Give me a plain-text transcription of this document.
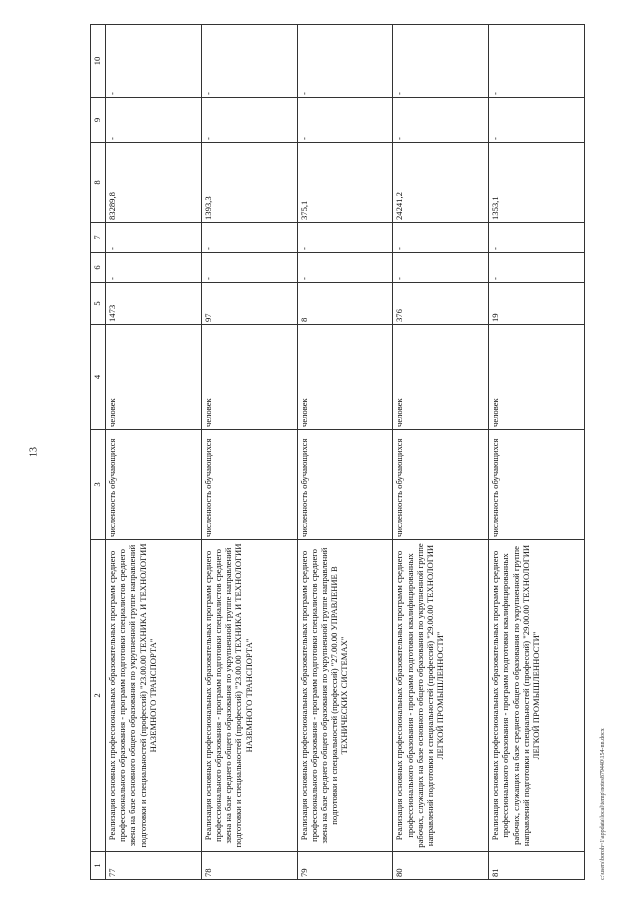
13
1	2	3	4	5	6	7	8	9	10
77	Реализация основных профессиональных образовательных программ среднего профессионального образования - программ подготовки специалистов среднего звена на базе основного общего образования по укрупненной группе направлений подготовки и специальностей (профессий) "23.00.00 ТЕХНИКА И ТЕХНОЛОГИИ НАЗЕМНОГО ТРАНСПОРТА"	численность обучающихся	человек	1473	-	-	83289,8	-	-
78	Реализация основных профессиональных образовательных программ среднего профессионального образования - программ подготовки специалистов среднего звена на базе среднего общего образования по укрупненной группе направлений подготовки и специальностей (профессий) "23.00.00 ТЕХНИКА И ТЕХНОЛОГИИ НАЗЕМНОГО ТРАНСПОРТА"	численность обучающихся	человек	97	-	-	1393,3	-	-
79	Реализация основных профессиональных образовательных программ среднего профессионального образования - программ подготовки специалистов среднего звена на базе среднего общего образования по укрупненной группе направлений подготовки и специальностей (профессий) "27.00.00 УПРАВЛЕНИЕ В ТЕХНИЧЕСКИХ СИСТЕМАХ"	численность обучающихся	человек	8	-	-	375,1	-	-
80	Реализация основных профессиональных образовательных программ среднего профессионального образования - программ подготовки квалифицированных рабочих, служащих на базе основного общего образования по укрупненной группе направлений подготовки и специальностей (профессий) "29.00.00 ТЕХНОЛОГИИ ЛЕГКОЙ ПРОМЫШЛЕННОСТИ"	численность обучающихся	человек	376	-	-	24241,2	-	-
81	Реализация основных профессиональных образовательных программ среднего профессионального образования - программ подготовки квалифицированных рабочих, служащих на базе среднего общего образования по укрупненной группе направлений подготовки и специальностей (профессий) "29.00.00 ТЕХНОЛОГИИ ЛЕГКОЙ ПРОМЫШЛЕННОСТИ"	численность обучающихся	человек	19	-	-	1353,1	-	-
c:\users\boroh~1\appdata\local\temp\notes879440\154-nn.docx
